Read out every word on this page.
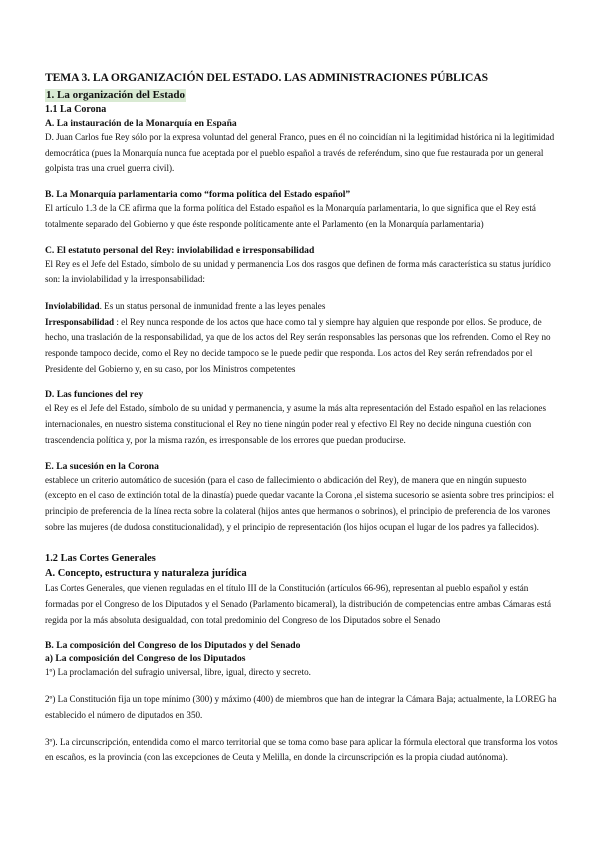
TEMA 3. LA ORGANIZACIÓN DEL ESTADO. LAS ADMINISTRACIONES PÚBLICAS
1. La organización del Estado
1.1 La Corona
A. La instauración de la Monarquía en España

D. Juan Carlos fue Rey sólo por la expresa voluntad del general Franco, pues en él no coincidían ni la legitimidad histórica ni la legitimidad democrática (pues la Monarquía nunca fue aceptada por el pueblo español a través de referéndum, sino que fue restaurada por un general golpista tras una cruel guerra civil).

B. La Monarquía parlamentaria como “forma política del Estado español”

El artículo 1.3 de la CE afirma que la forma política del Estado español es la Monarquía parlamentaria, lo que significa que el Rey está totalmente separado del Gobierno y que éste responde políticamente ante el Parlamento (en la Monarquía parlamentaria)

C. El estatuto personal del Rey: inviolabilidad e irresponsabilidad

El Rey es el Jefe del Estado, símbolo de su unidad y permanencia Los dos rasgos que definen de forma más característica su status jurídico son: la inviolabilidad y la irresponsabilidad:

Inviolabilidad. Es un status personal de inmunidad frente a las leyes penales

Irresponsabilidad : el Rey nunca responde de los actos que hace como tal y siempre hay alguien que responde por ellos. Se produce, de hecho, una traslación de la responsabilidad, ya que de los actos del Rey serán responsables las personas que los refrenden. Como el Rey no responde tampoco decide, como el Rey no decide tampoco se le puede pedir que responda. Los actos del Rey serán refrendados por el Presidente del Gobierno y, en su caso, por los Ministros competentes

D. Las funciones del rey

el Rey es el Jefe del Estado, símbolo de su unidad y permanencia, y asume la más alta representación del Estado español en las relaciones internacionales, en nuestro sistema constitucional el Rey no tiene ningún poder real y efectivo El Rey no decide ninguna cuestión con trascendencia política y, por la misma razón, es irresponsable de los errores que puedan producirse.

E. La sucesión en la Corona

establece un criterio automático de sucesión (para el caso de fallecimiento o abdicación del Rey), de manera que en ningún supuesto (excepto en el caso de extinción total de la dinastía) puede quedar vacante la Corona ,el sistema sucesorio se asienta sobre tres principios: el principio de preferencia de la línea recta sobre la colateral (hijos antes que hermanos o sobrinos), el principio de preferencia de los varones sobre las mujeres (de dudosa constitucionalidad), y el principio de representación (los hijos ocupan el lugar de los padres ya fallecidos).

1.2 Las Cortes Generales
A. Concepto, estructura y naturaleza jurídica

Las Cortes Generales, que vienen reguladas en el título III de la Constitución (artículos 66-96), representan al pueblo español y están formadas por el Congreso de los Diputados y el Senado (Parlamento bicameral), la distribución de competencias entre ambas Cámaras está regida por la más absoluta desigualdad, con total predominio del Congreso de los Diputados sobre el Senado

B. La composición del Congreso de los Diputados y del Senado
a) La composición del Congreso de los Diputados

1º) La proclamación del sufragio universal, libre, igual, directo y secreto.

2º) La Constitución fija un tope mínimo (300) y máximo (400) de miembros que han de integrar la Cámara Baja; actualmente, la LOREG ha establecido el número de diputados en 350.

3º). La circunscripción, entendida como el marco territorial que se toma como base para aplicar la fórmula electoral que transforma los votos en escaños, es la provincia (con las excepciones de Ceuta y Melilla, en donde la circunscripción es la propia ciudad autónoma).
